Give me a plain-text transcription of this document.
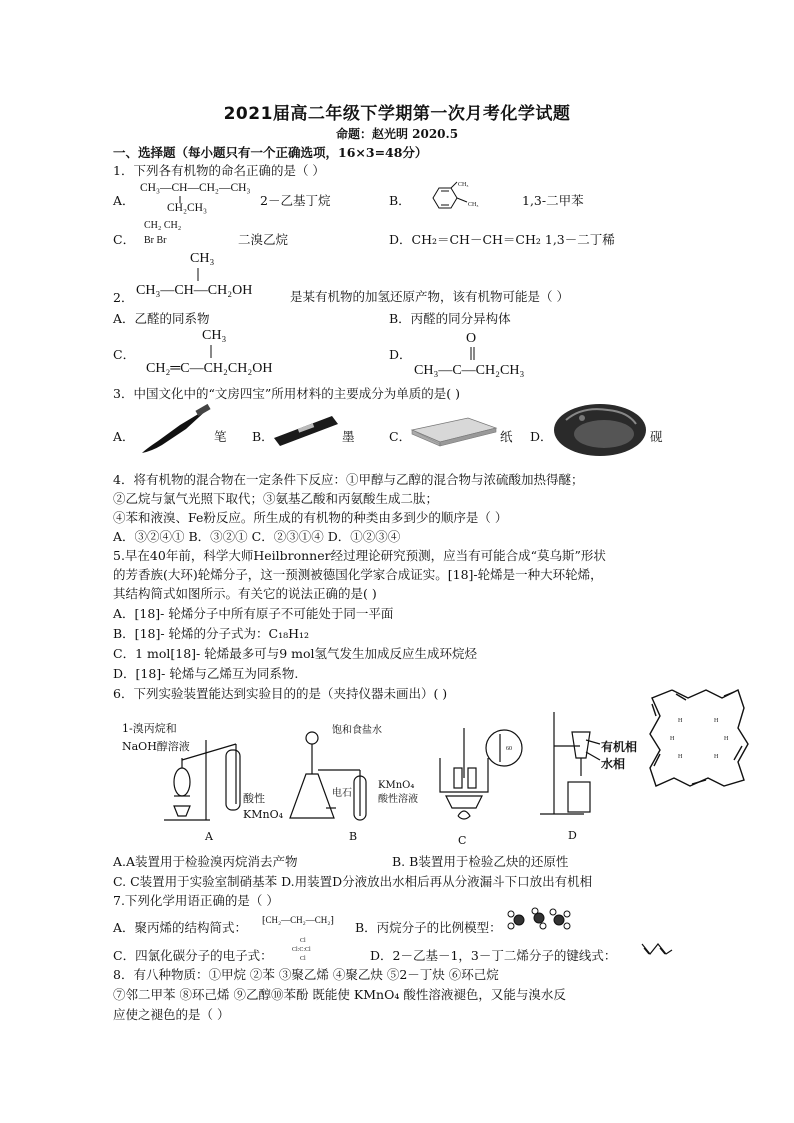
2021届高二年级下学期第一次月考化学试题
命题：赵光明 2020.5
一、选择题（每小题只有一个正确选项，16×3=48分）
1．下列各有机物的命名正确的是（ ）
A．
CH₃—CH—CH₂—CH₃
CH₂CH₃	2－乙基丁烷	B．
CH₃
CH₃	1,3-二甲苯
C．
CH₂ CH₂
Br Br	二溴乙烷	D．CH₂＝CH－CH＝CH₂ 1,3－二丁稀
CH₃
CH₃—CH—CH₂OH
2．	是某有机物的加氢还原产物，该有机物可能是（ ）
A．乙醛的同系物	B．丙醛的同分异构体
C．
CH₃
CH₂═C—CH₂CH₂OH
D．
O
CH₃—C—CH₂CH₃
3．中国文化中的“文房四宝”所用材料的主要成分为单质的是( )
A．	笔 B．	墨	C．	纸 D．	砚
4．将有机物的混合物在一定条件下反应：①甲醇与乙醇的混合物与浓硫酸加热得醚；
②乙烷与氯气光照下取代；③氨基乙酸和丙氨酸生成二肽；
④苯和液溴、Fe粉反应。所生成的有机物的种类由多到少的顺序是（ ）
A．③②④① B．③②① C．②③①④ D．①②③④
5.早在40年前，科学大师Heilbronner经过理论研究预测，应当有可能合成“莫乌斯”形状
的芳香族(大环)轮烯分子，这一预测被德国化学家合成证实。[18]-轮烯是一种大环轮烯，
其结构简式如图所示。有关它的说法正确的是( )
A．[18]- 轮烯分子中所有原子不可能处于同一平面
B．[18]- 轮烯的分子式为：C₁₈H₁₂
C．1 mol[18]- 轮烯最多可与9 mol氢气发生加成反应生成环烷烃
D．[18]- 轮烯与乙烯互为同系物.
6．下列实验装置能达到实验目的的是（夹持仪器未画出）( )
H	H
H	H
H	H
1-溴丙烷和
NaOH醇溶液
酸性
KMnO₄
A
饱和食盐水
电石
KMnO₄
酸性溶液
B
60
C
有机相
水相
D
A.A装置用于检验溴丙烷消去产物	B. B装置用于检验乙炔的还原性
C. C装置用于实验室制硝基苯 D.用装置D分液放出水相后再从分液漏斗下口放出有机相
7.下列化学用语正确的是（ ）
A．聚丙烯的结构简式： ⁅CH₂—CH₂—CH₂⁆ B．丙烷分子的比例模型：
C．四氯化碳分子的电子式：
Cl
Cl:C:Cl
Cl	D．2－乙基－1，3－丁二烯分子的键线式：
8．有八种物质：①甲烷 ②苯 ③聚乙烯 ④聚乙炔 ⑤2－丁炔 ⑥环己烷
⑦邻二甲苯 ⑧环己烯 ⑨乙醇⑩苯酚 既能使 KMnO₄ 酸性溶液褪色，又能与溴水反
应使之褪色的是（ ）
